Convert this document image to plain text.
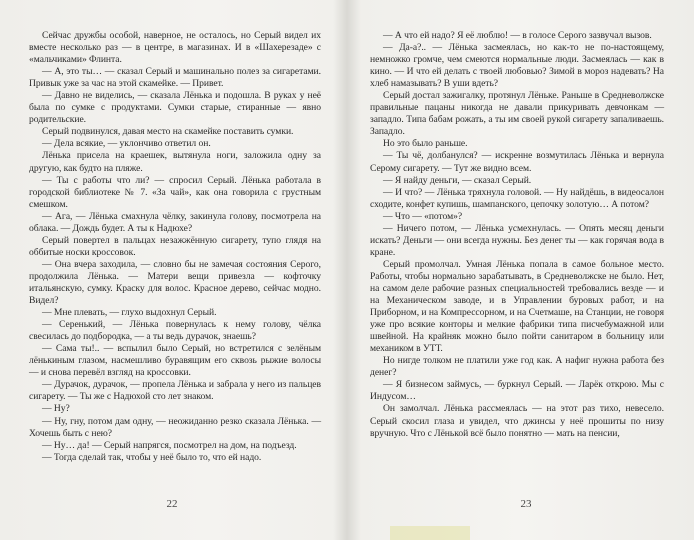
Сейчас дружбы особой, наверное, не осталось, но Серый видел их вместе несколько раз — в центре, в магазинах. И в «Шахерезаде» с «мальчиками» Флинта.

— А, это ты… — сказал Серый и машинально полез за сигаретами. Привык уже за час на этой скамейке. — Привет.

— Давно не виделись, — сказала Лёнька и подошла. В руках у неё была по сумке с продуктами. Сумки старые, стиранные — явно родительские.

Серый подвинулся, давая место на скамейке поставить сумки.

— Дела всякие, — уклончиво ответил он.

Лёнька присела на краешек, вытянула ноги, заложила одну за другую, как будто на пляже.

— Ты с работы что ли? — спросил Серый. Лёнька работала в городской библиотеке № 7. «За чай», как она говорила с грустным смешком.

— Ага, — Лёнька смахнула чёлку, закинула голову, посмотрела на облака. — Дождь будет. А ты к Надюхе?

Серый повертел в пальцах незажжённую сигарету, тупо глядя на оббитые носки кроссовок.

— Она вчера заходила, — словно бы не замечая состояния Серого, продолжила Лёнька. — Матери вещи привезла — кофточку итальянскую, сумку. Краску для волос. Красное дерево, сейчас модно. Видел?

— Мне плевать, — глухо выдохнул Серый.

— Серенький, — Лёнька повернулась к нему голову, чёлка свесилась до подбородка, — а ты ведь дурачок, знаешь?

— Сама ты!.. — вспылил было Серый, но встретился с зелёным лёнькиным глазом, насмешливо буравящим его сквозь рыжие волосы — и снова перевёл взгляд на кроссовки.

— Дурачок, дурачок, — пропела Лёнька и забрала у него из пальцев сигарету. — Ты же с Надюхой сто лет знаком.

— Ну?

— Ну, гну, потом дам одну, — неожиданно резко сказала Лёнька. — Хочешь быть с нею?

— Ну… да! — Серый напрягся, посмотрел на дом, на подъезд.

— Тогда сделай так, чтобы у неё было то, что ей надо.

— А что ей надо? Я её люблю! — в голосе Серого зазвучал вызов.

— Да-а?.. — Лёнька засмеялась, но как-то не по-настоящему, немножко громче, чем смеются нормальные люди. Засмеялась — как в кино. — И что ей делать с твоей любовью? Зимой в мороз надевать? На хлеб намазывать? В уши вдеть?

Серый достал зажигалку, протянул Лёньке. Раньше в Средневолжске правильные пацаны никогда не давали прикуривать девчонкам — западло. Типа бабам рожать, а ты им своей рукой сигарету запаливаешь. Западло.

Но это было раньше.

— Ты чё, долбанулся? — искренне возмутилась Лёнька и вернула Серому сигарету. — Тут же видно всем.

— Я найду деньги, — сказал Серый.

— И что? — Лёнька тряхнула головой. — Ну найдёшь, в видеосалон сходите, конфет купишь, шампанского, цепочку золотую… А потом?

— Что — «потом»?

— Ничего потом, — Лёнька усмехнулась. — Опять месяц деньги искать? Деньги — они всегда нужны. Без денег ты — как горячая вода в кране.

Серый промолчал. Умная Лёнька попала в самое больное место. Работы, чтобы нормально зарабатывать, в Средневолжске не было. Нет, на самом деле рабочие разных специальностей требовались везде — и на Механическом заводе, и в Управлении буровых работ, и на Приборном, и на Компрессорном, и на Счетмаше, на Станции, не говоря уже про всякие конторы и мелкие фабрики типа писчебумажной или швейной. На крайняк можно было пойти санитаром в больницу или механиком в УТТ.

Но нигде толком не платили уже год как. А нафиг нужна работа без денег?

— Я бизнесом займусь, — буркнул Серый. — Ларёк открою. Мы с Индусом…

Он замолчал. Лёнька рассмеялась — на этот раз тихо, невесело. Серый скосил глаза и увидел, что джинсы у неё прошиты по низу вручную. Что с Лёнькой всё было понятно — мать на пенсии,

22	23
